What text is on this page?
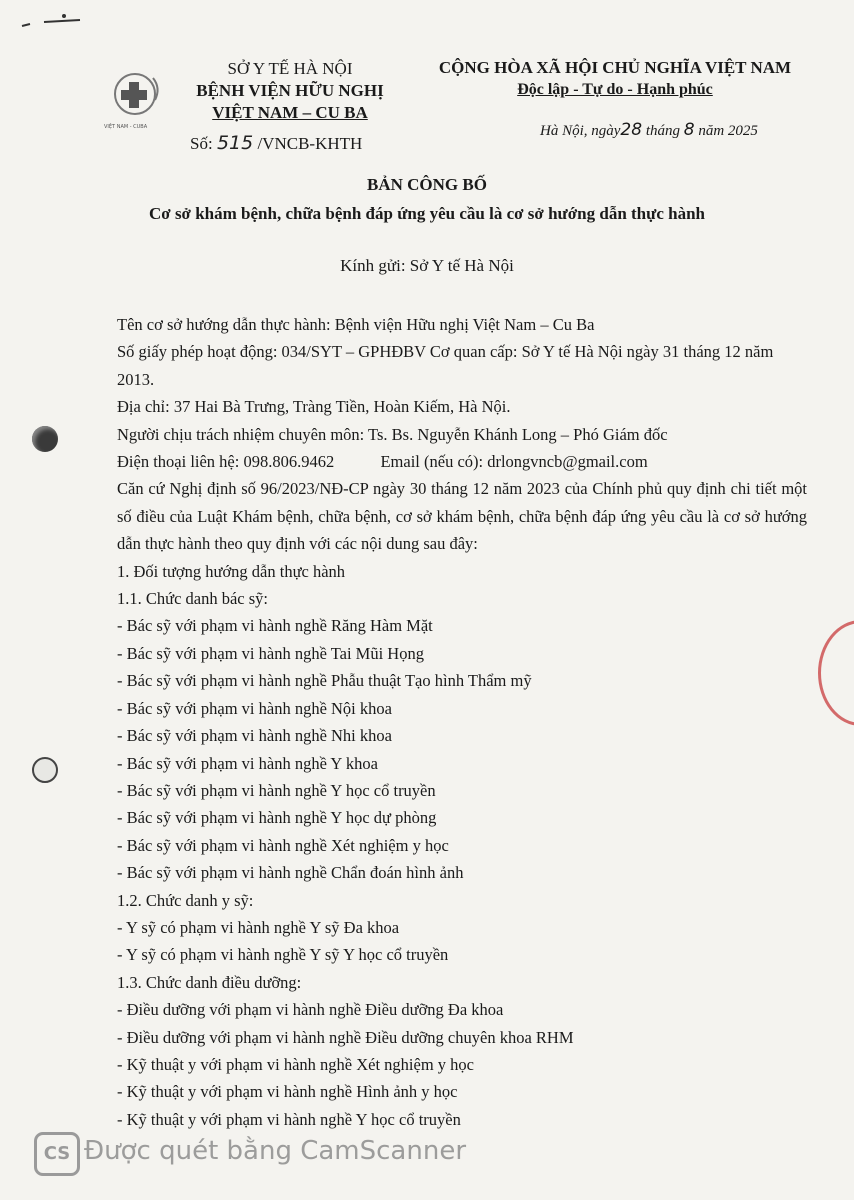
VIỆT NAM - CUBA
SỞ Y TẾ HÀ NỘI
BỆNH VIỆN HỮU NGHỊ
VIỆT NAM – CU BA
Số: 515 /VNCB-KHTH
CỘNG HÒA XÃ HỘI CHỦ NGHĨA VIỆT NAM
Độc lập - Tự do - Hạnh phúc
Hà Nội, ngày28 tháng 8 năm 2025
BẢN CÔNG BỐ
Cơ sở khám bệnh, chữa bệnh đáp ứng yêu cầu là cơ sở hướng dẫn thực hành
Kính gửi: Sở Y tế Hà Nội

Tên cơ sở hướng dẫn thực hành: Bệnh viện Hữu nghị Việt Nam – Cu Ba

Số giấy phép hoạt động: 034/SYT – GPHĐBV Cơ quan cấp: Sở Y tế Hà Nội ngày 31 tháng 12 năm 2013.

Địa chỉ: 37 Hai Bà Trưng, Tràng Tiền, Hoàn Kiếm, Hà Nội.

Người chịu trách nhiệm chuyên môn: Ts. Bs. Nguyễn Khánh Long – Phó Giám đốc

Điện thoại liên hệ: 098.806.9462	Email (nếu có): drlongvncb@gmail.com

Căn cứ Nghị định số 96/2023/NĐ-CP ngày 30 tháng 12 năm 2023 của Chính phủ quy định chi tiết một số điều của Luật Khám bệnh, chữa bệnh, cơ sở khám bệnh, chữa bệnh đáp ứng yêu cầu là cơ sở hướng dẫn thực hành theo quy định với các nội dung sau đây:

1. Đối tượng hướng dẫn thực hành

1.1. Chức danh bác sỹ:

- Bác sỹ với phạm vi hành nghề Răng Hàm Mặt

- Bác sỹ với phạm vi hành nghề Tai Mũi Họng

- Bác sỹ với phạm vi hành nghề Phẫu thuật Tạo hình Thẩm mỹ

- Bác sỹ với phạm vi hành nghề Nội khoa

- Bác sỹ với phạm vi hành nghề Nhi khoa

- Bác sỹ với phạm vi hành nghề Y khoa

- Bác sỹ với phạm vi hành nghề Y học cổ truyền

- Bác sỹ với phạm vi hành nghề Y học dự phòng

- Bác sỹ với phạm vi hành nghề Xét nghiệm y học

- Bác sỹ với phạm vi hành nghề Chẩn đoán hình ảnh

1.2. Chức danh y sỹ:

- Y sỹ có phạm vi hành nghề Y sỹ Đa khoa

- Y sỹ có phạm vi hành nghề Y sỹ Y học cổ truyền

1.3. Chức danh điều dưỡng:

- Điều dưỡng với phạm vi hành nghề Điều dưỡng Đa khoa

- Điều dưỡng với phạm vi hành nghề Điều dưỡng chuyên khoa RHM

- Kỹ thuật y với phạm vi hành nghề Xét nghiệm y học

- Kỹ thuật y với phạm vi hành nghề Hình ảnh y học

- Kỹ thuật y với phạm vi hành nghề Y học cổ truyền

CS Được quét bằng CamScanner
